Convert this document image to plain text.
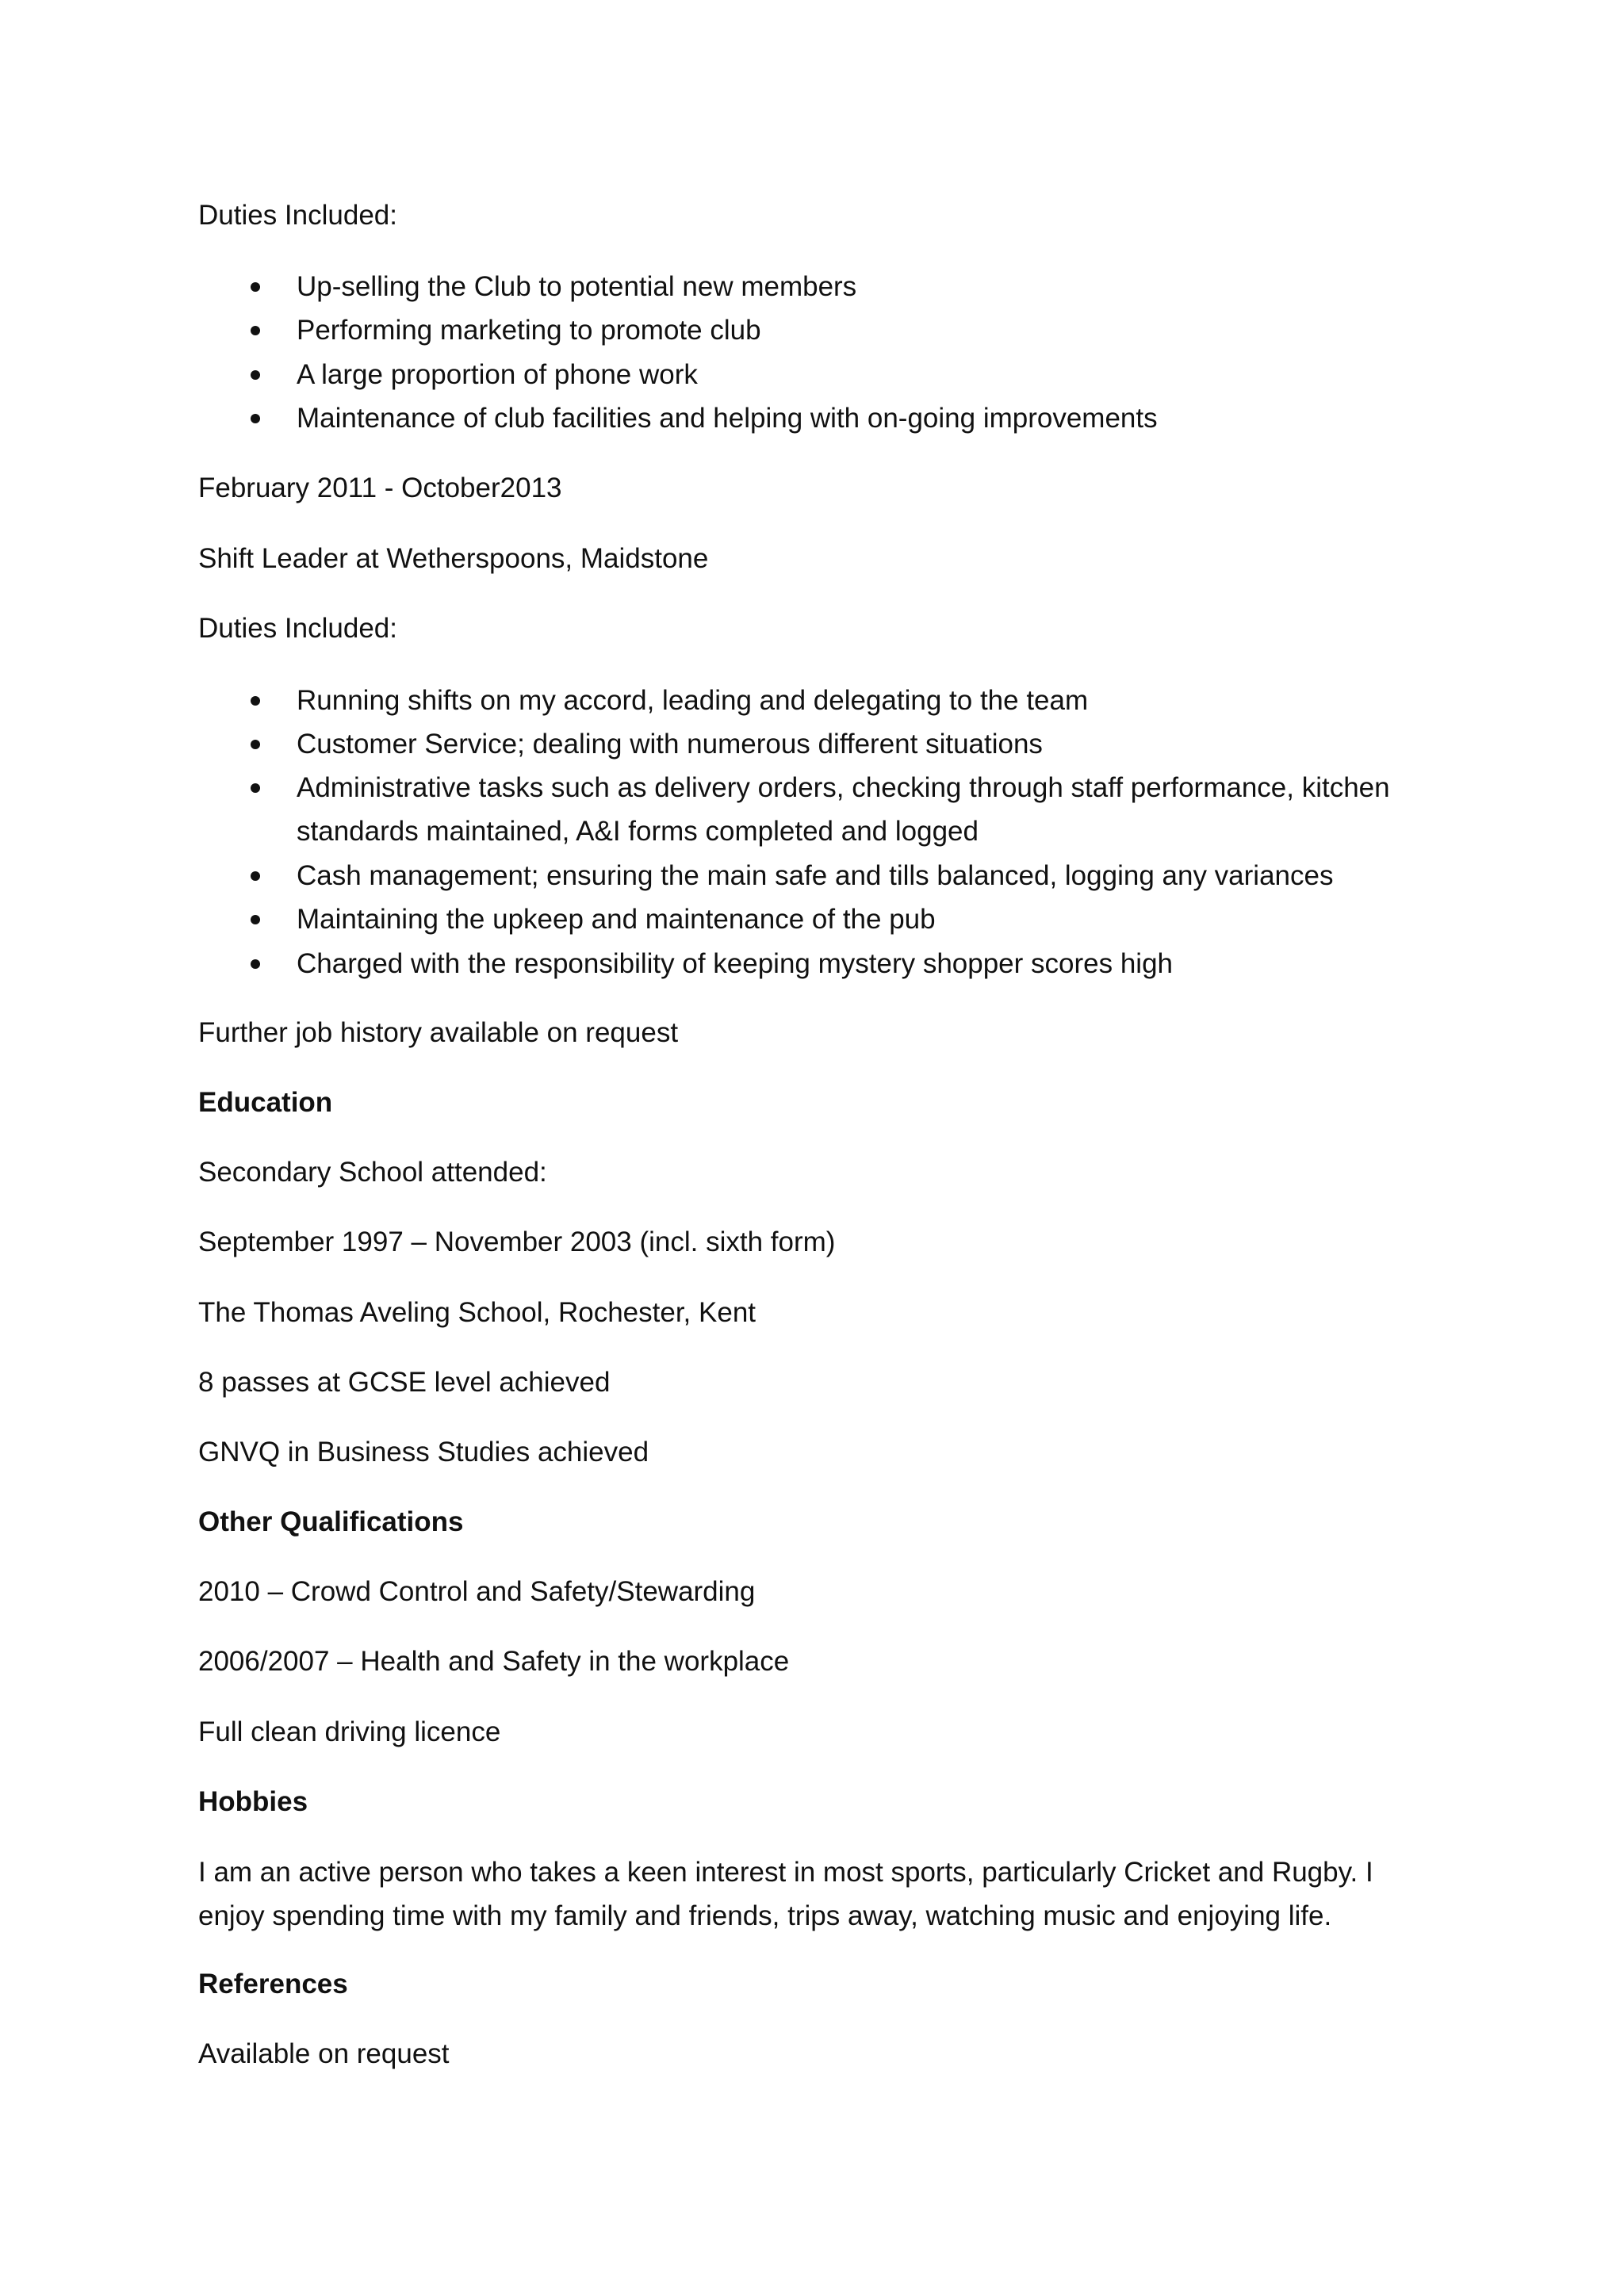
Duties Included:
Up-selling the Club to potential new members
Performing marketing to promote club
A large proportion of phone work
Maintenance of club facilities and helping with on-going improvements
February 2011 - October2013
Shift Leader at Wetherspoons, Maidstone
Duties Included:
Running shifts on my accord, leading and delegating to the team
Customer Service; dealing with numerous different situations
Administrative tasks such as delivery orders, checking through staff performance, kitchen standards maintained, A&I forms completed and logged
Cash management; ensuring the main safe and tills balanced, logging any variances
Maintaining the upkeep and maintenance of the pub
Charged with the responsibility of keeping mystery shopper scores high
Further job history available on request
Education
Secondary School attended:
September 1997 – November 2003 (incl. sixth form)
The Thomas Aveling School, Rochester, Kent
8 passes at GCSE level achieved
GNVQ in Business Studies achieved
Other Qualifications
2010 – Crowd Control and Safety/Stewarding
2006/2007 – Health and Safety in the workplace
Full clean driving licence
Hobbies
I am an active person who takes a keen interest in most sports, particularly Cricket and Rugby. I enjoy spending time with my family and friends, trips away, watching music and enjoying life.
References
Available on request
